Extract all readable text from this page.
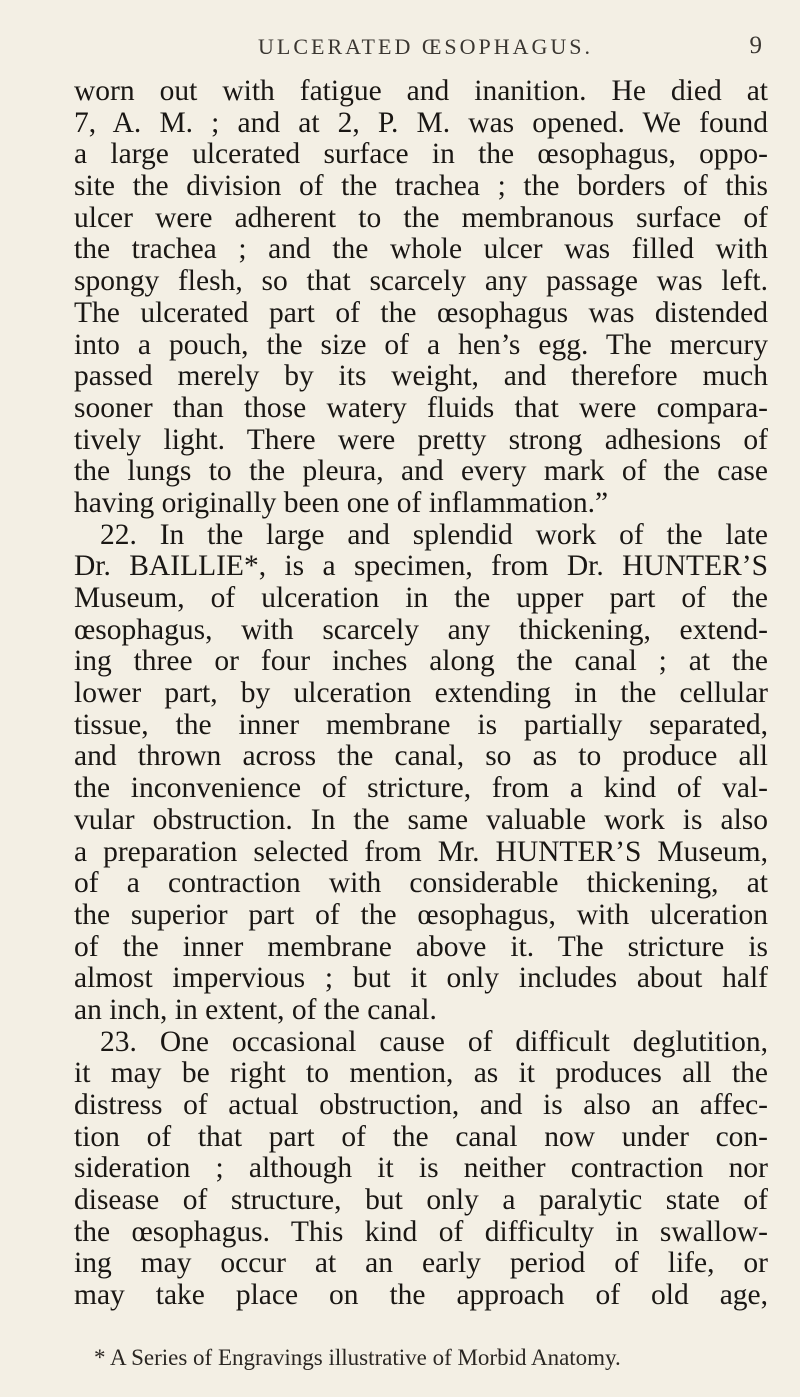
ULCERATED ŒSOPHAGUS.	9
worn out with fatigue and inanition. He died at
7, A. M. ; and at 2, P. M. was opened. We found
a large ulcerated surface in the œsophagus, oppo-
site the division of the trachea ; the borders of this
ulcer were adherent to the membranous surface of
the trachea ; and the whole ulcer was filled with
spongy flesh, so that scarcely any passage was left.
The ulcerated part of the œsophagus was distended
into a pouch, the size of a hen’s egg. The mercury
passed merely by its weight, and therefore much
sooner than those watery fluids that were compara-
tively light. There were pretty strong adhesions of
the lungs to the pleura, and every mark of the case
having originally been one of inflammation.”
22. In the large and splendid work of the late
Dr. BAILLIE*, is a specimen, from Dr. HUNTER’S
Museum, of ulceration in the upper part of the
œsophagus, with scarcely any thickening, extend-
ing three or four inches along the canal ; at the
lower part, by ulceration extending in the cellular
tissue, the inner membrane is partially separated,
and thrown across the canal, so as to produce all
the inconvenience of stricture, from a kind of val-
vular obstruction. In the same valuable work is also
a preparation selected from Mr. HUNTER’S Museum,
of a contraction with considerable thickening, at
the superior part of the œsophagus, with ulceration
of the inner membrane above it. The stricture is
almost impervious ; but it only includes about half
an inch, in extent, of the canal.
23. One occasional cause of difficult deglutition,
it may be right to mention, as it produces all the
distress of actual obstruction, and is also an affec-
tion of that part of the canal now under con-
sideration ; although it is neither contraction nor
disease of structure, but only a paralytic state of
the œsophagus. This kind of difficulty in swallow-
ing may occur at an early period of life, or
may take place on the approach of old age,
* A Series of Engravings illustrative of Morbid Anatomy.
